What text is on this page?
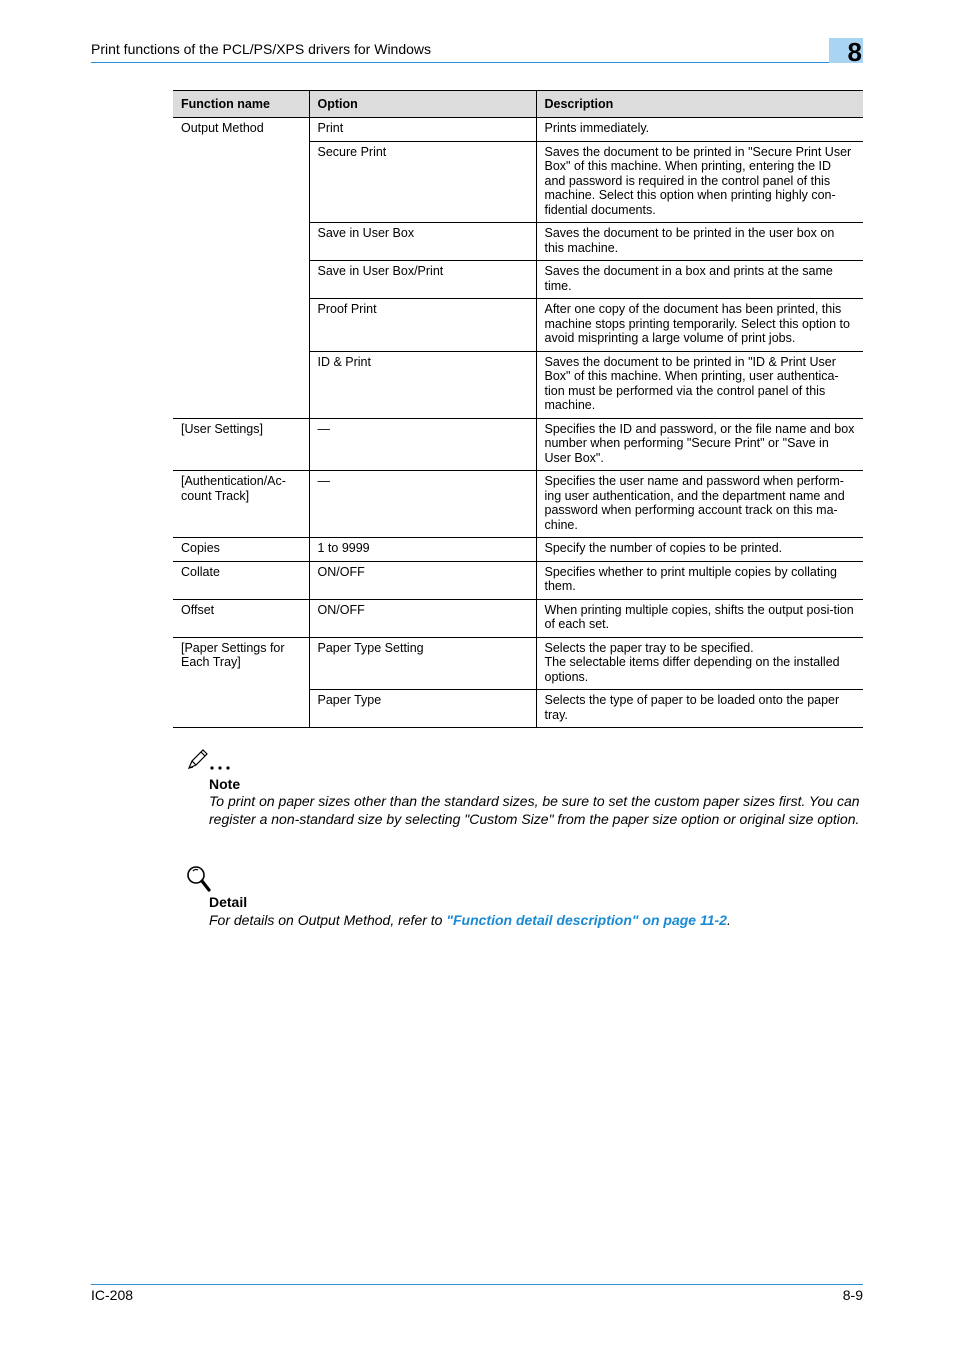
Print functions of the PCL/PS/XPS drivers for Windows	8
Function name	Option	Description
Output Method	Print	Prints immediately.
	Secure Print	Saves the document to be printed in "Secure Print User Box" of this machine. When printing, entering the ID and password is required in the control panel of this machine. Select this option when printing highly con-fidential documents.
	Save in User Box	Saves the document to be printed in the user box on this machine.
	Save in User Box/Print	Saves the document in a box and prints at the same time.
	Proof Print	After one copy of the document has been printed, this machine stops printing temporarily. Select this option to avoid misprinting a large volume of print jobs.
	ID & Print	Saves the document to be printed in "ID & Print User Box" of this machine. When printing, user authentica-tion must be performed via the control panel of this machine.
[User Settings]	—	Specifies the ID and password, or the file name and box number when performing "Secure Print" or "Save in User Box".
[Authentication/Ac-count Track]	—	Specifies the user name and password when perform-ing user authentication, and the department name and password when performing account track on this ma-chine.
Copies	1 to 9999	Specify the number of copies to be printed.
Collate	ON/OFF	Specifies whether to print multiple copies by collating them.
Offset	ON/OFF	When printing multiple copies, shifts the output posi-tion of each set.
[Paper Settings for Each Tray]	Paper Type Setting	Selects the paper tray to be specified.
The selectable items differ depending on the installed options.

	Paper Type	Selects the type of paper to be loaded onto the paper tray.
Note
To print on paper sizes other than the standard sizes, be sure to set the custom paper sizes first. You can register a non-standard size by selecting "Custom Size" from the paper size option or original size option.
Detail
For details on Output Method, refer to "Function detail description" on page 11-2.
IC-208	8-9
